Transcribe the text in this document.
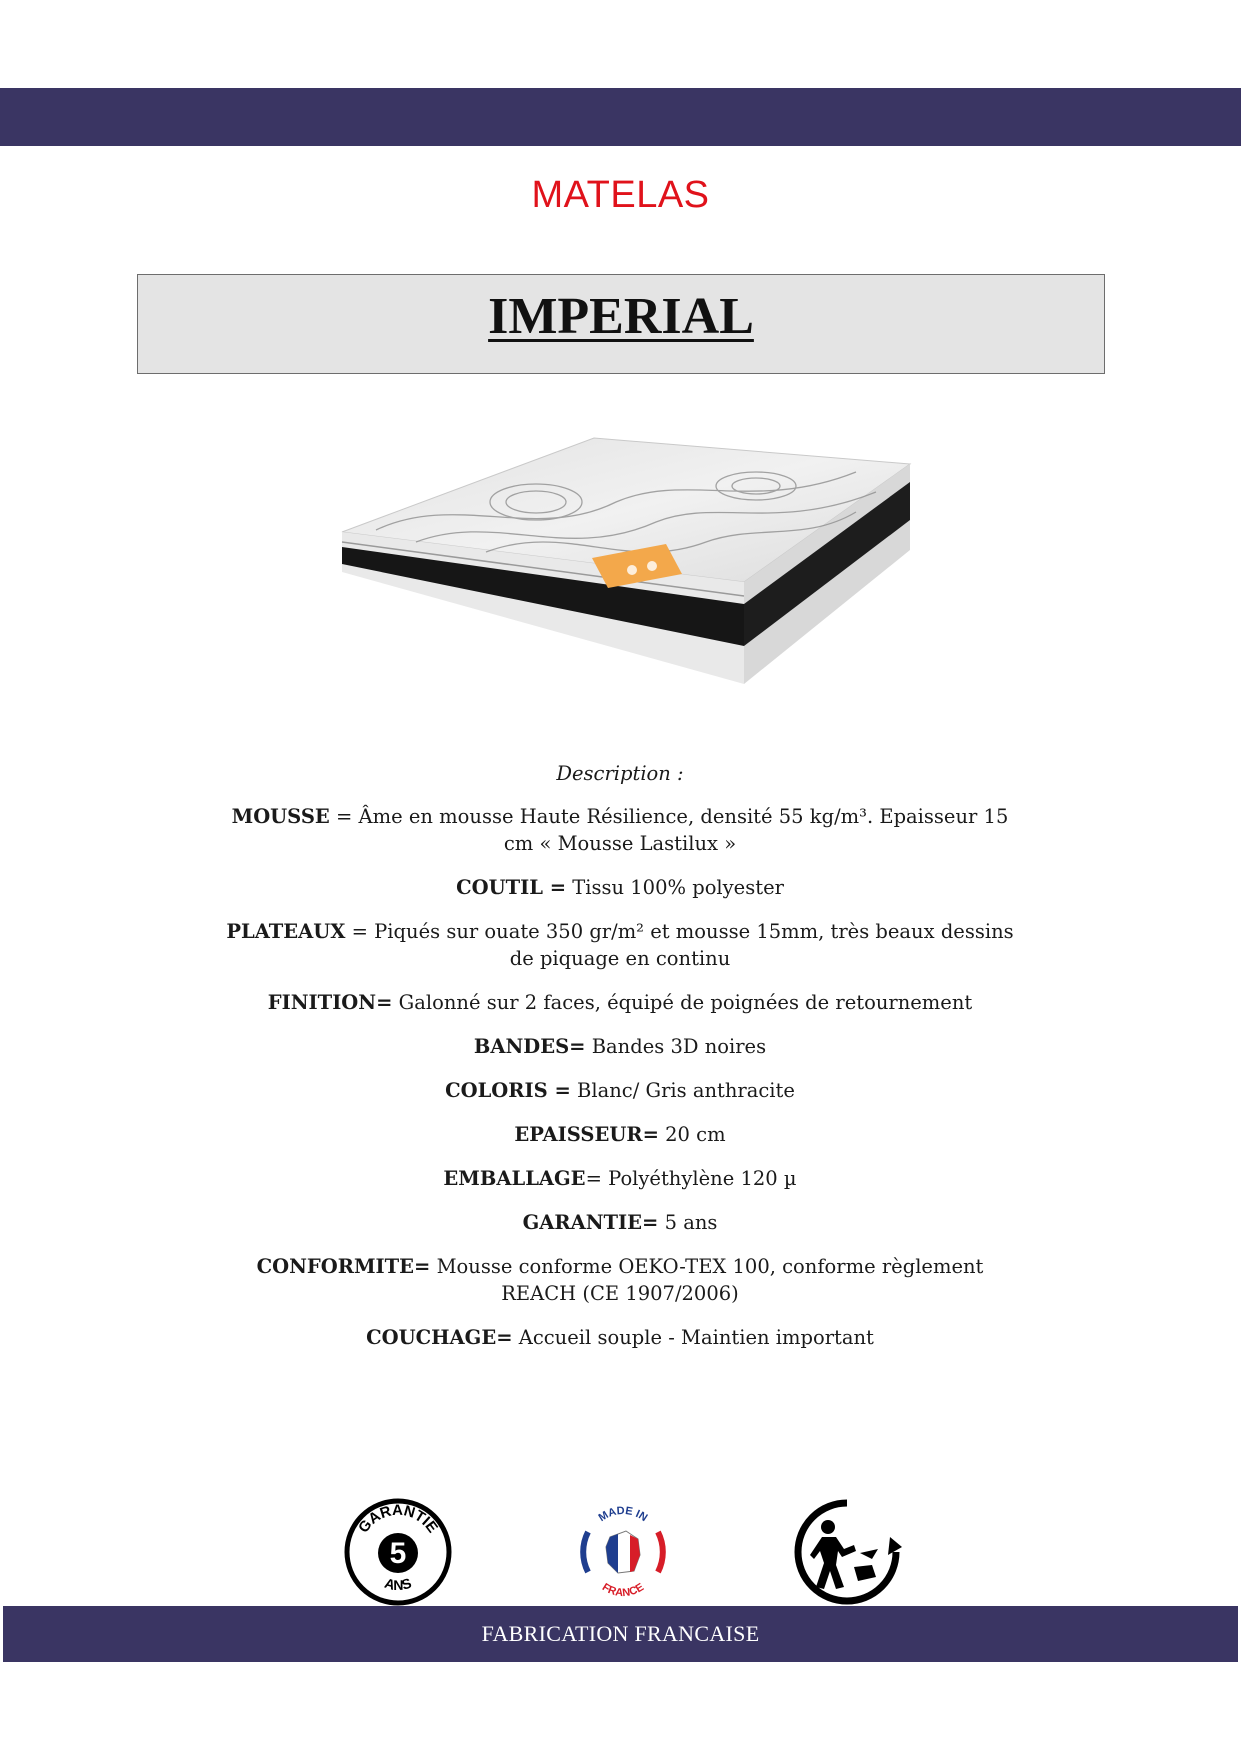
MATELAS
IMPERIAL

Description :

MOUSSE = Âme en mousse Haute Résilience, densité 55 kg/m³. Epaisseur 15 cm « Mousse Lastilux »

COUTIL = Tissu 100% polyester

PLATEAUX = Piqués sur ouate 350 gr/m² et mousse 15mm, très beaux dessins de piquage en continu

FINITION= Galonné sur 2 faces, équipé de poignées de retournement

BANDES= Bandes 3D noires

COLORIS = Blanc/ Gris anthracite

EPAISSEUR= 20 cm

EMBALLAGE= Polyéthylène 120 µ

GARANTIE= 5 ans

CONFORMITE= Mousse conforme OEKO-TEX 100, conforme règlement REACH (CE 1907/2006)

COUCHAGE= Accueil souple - Maintien important

GARANTIE
5
ANS
MADE IN
FRANCE
FABRICATION FRANCAISE
